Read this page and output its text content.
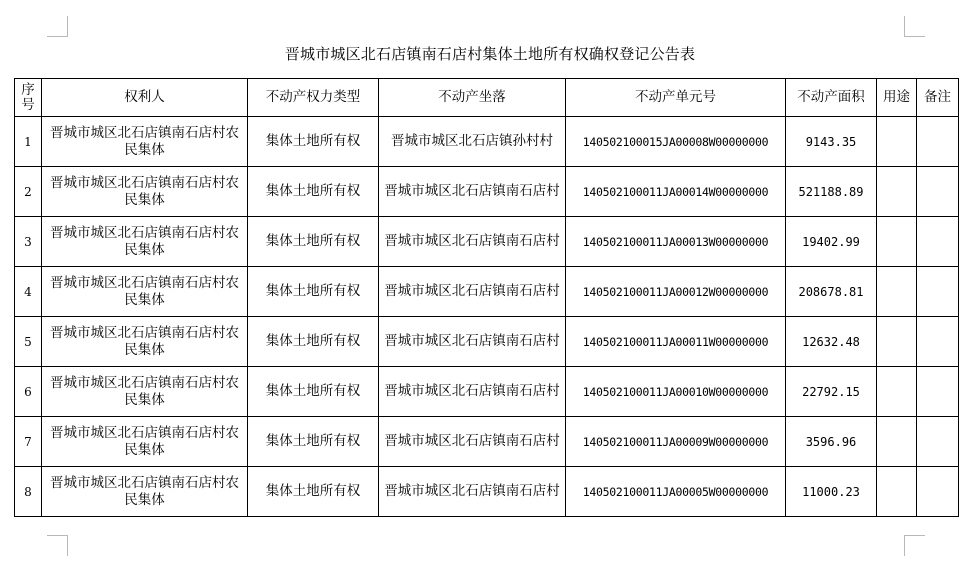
晋城市城区北石店镇南石店村集体土地所有权确权登记公告表
序号	权利人	不动产权力类型	不动产坐落	不动产单元号	不动产面积	用途	备注
1	晋城市城区北石店镇南石店村农民集体	集体土地所有权	晋城市城区北石店镇孙村村	140502100015JA00008W00000000	9143.35		
2	晋城市城区北石店镇南石店村农民集体	集体土地所有权	晋城市城区北石店镇南石店村	140502100011JA00014W00000000	521188.89		
3	晋城市城区北石店镇南石店村农民集体	集体土地所有权	晋城市城区北石店镇南石店村	140502100011JA00013W00000000	19402.99		
4	晋城市城区北石店镇南石店村农民集体	集体土地所有权	晋城市城区北石店镇南石店村	140502100011JA00012W00000000	208678.81		
5	晋城市城区北石店镇南石店村农民集体	集体土地所有权	晋城市城区北石店镇南石店村	140502100011JA00011W00000000	12632.48		
6	晋城市城区北石店镇南石店村农民集体	集体土地所有权	晋城市城区北石店镇南石店村	140502100011JA00010W00000000	22792.15		
7	晋城市城区北石店镇南石店村农民集体	集体土地所有权	晋城市城区北石店镇南石店村	140502100011JA00009W00000000	3596.96		
8	晋城市城区北石店镇南石店村农民集体	集体土地所有权	晋城市城区北石店镇南石店村	140502100011JA00005W00000000	11000.23		
